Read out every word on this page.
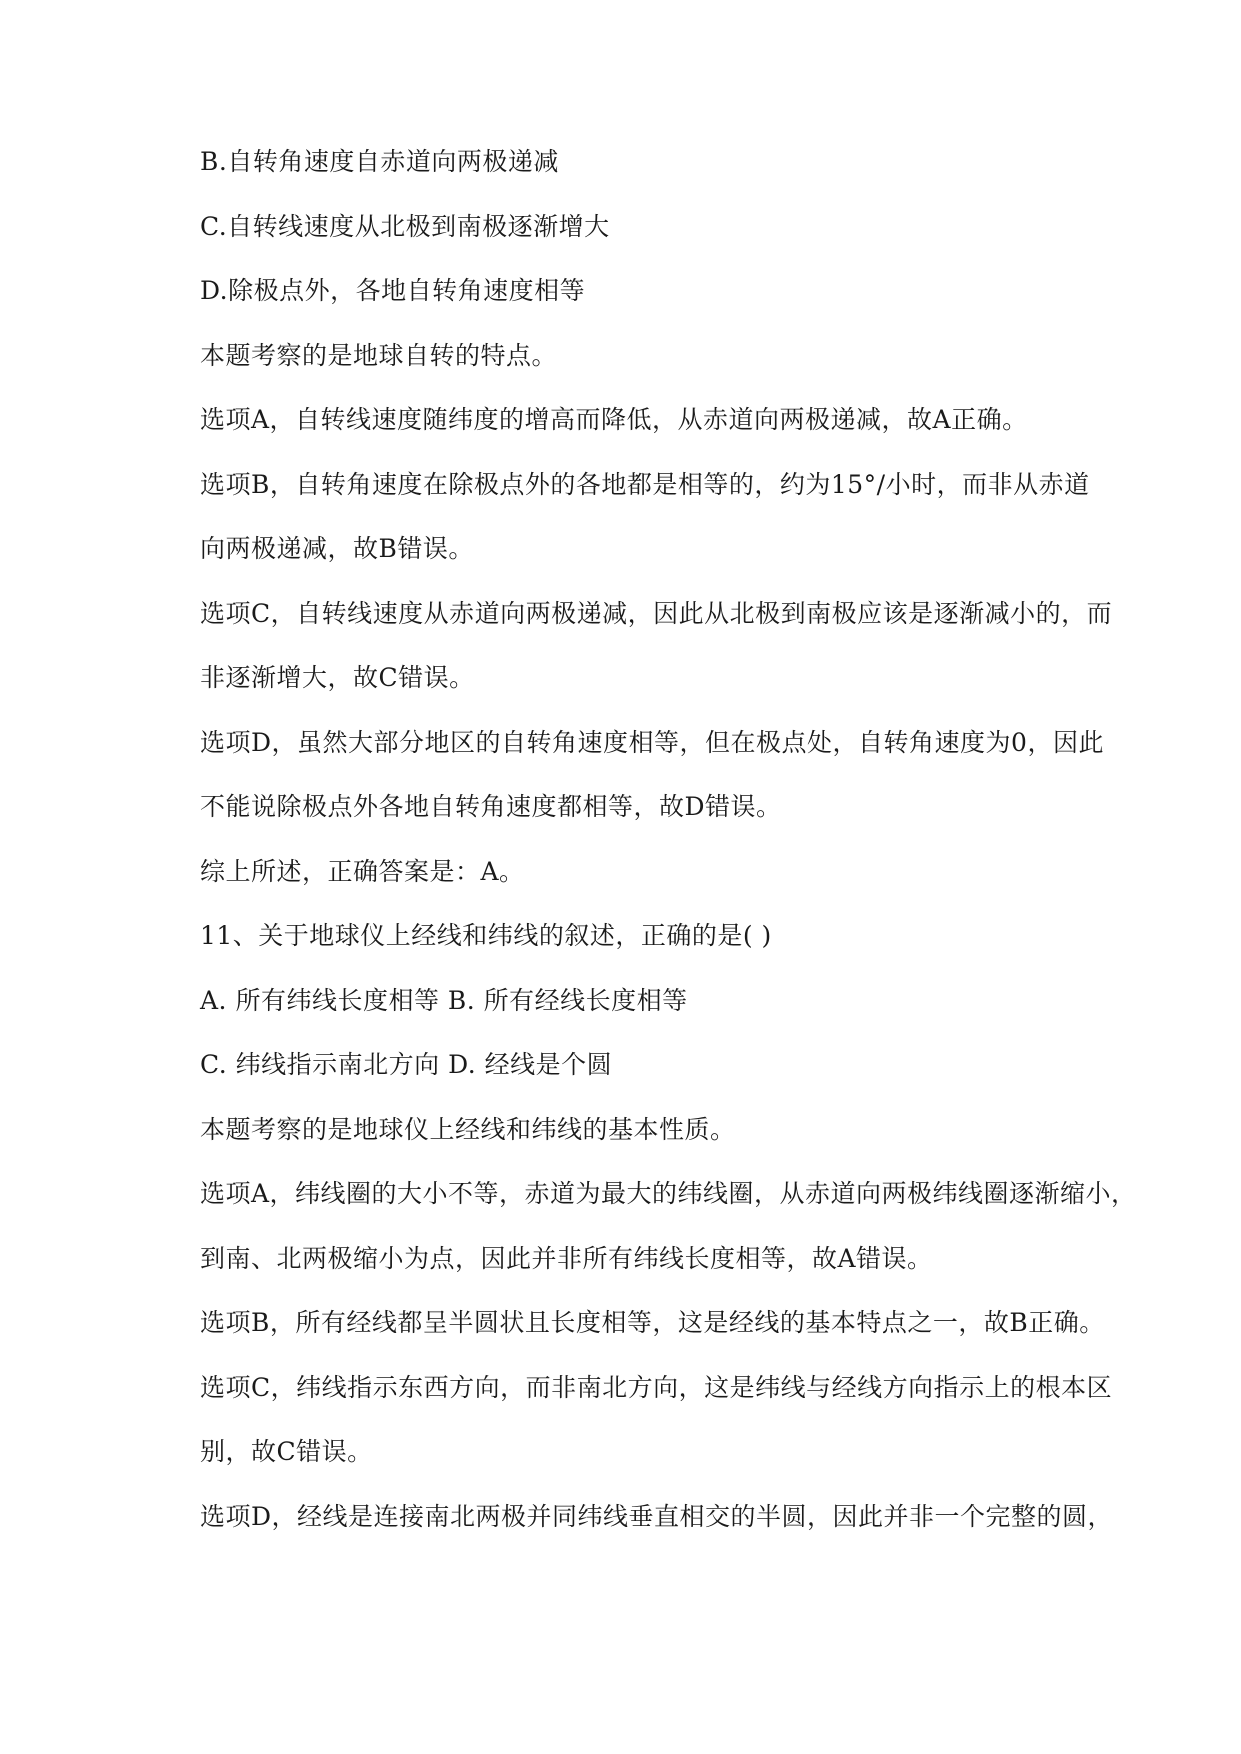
B.自转角速度自赤道向两极递减
C.自转线速度从北极到南极逐渐增大
D.除极点外，各地自转角速度相等
本题考察的是地球自转的特点。
选项A，自转线速度随纬度的增高而降低，从赤道向两极递减，故A正确。
选项B，自转角速度在除极点外的各地都是相等的，约为15°/小时，而非从赤道
向两极递减，故B错误。
选项C，自转线速度从赤道向两极递减，因此从北极到南极应该是逐渐减小的，而
非逐渐增大，故C错误。
选项D，虽然大部分地区的自转角速度相等，但在极点处，自转角速度为0，因此
不能说除极点外各地自转角速度都相等，故D错误。
综上所述，正确答案是：A。
11、关于地球仪上经线和纬线的叙述，正确的是( )
A. 所有纬线长度相等 B. 所有经线长度相等
C. 纬线指示南北方向 D. 经线是个圆
本题考察的是地球仪上经线和纬线的基本性质。
选项A，纬线圈的大小不等，赤道为最大的纬线圈，从赤道向两极纬线圈逐渐缩小，
到南、北两极缩小为点，因此并非所有纬线长度相等，故A错误。
选项B，所有经线都呈半圆状且长度相等，这是经线的基本特点之一，故B正确。
选项C，纬线指示东西方向，而非南北方向，这是纬线与经线方向指示上的根本区
别，故C错误。
选项D，经线是连接南北两极并同纬线垂直相交的半圆，因此并非一个完整的圆，
